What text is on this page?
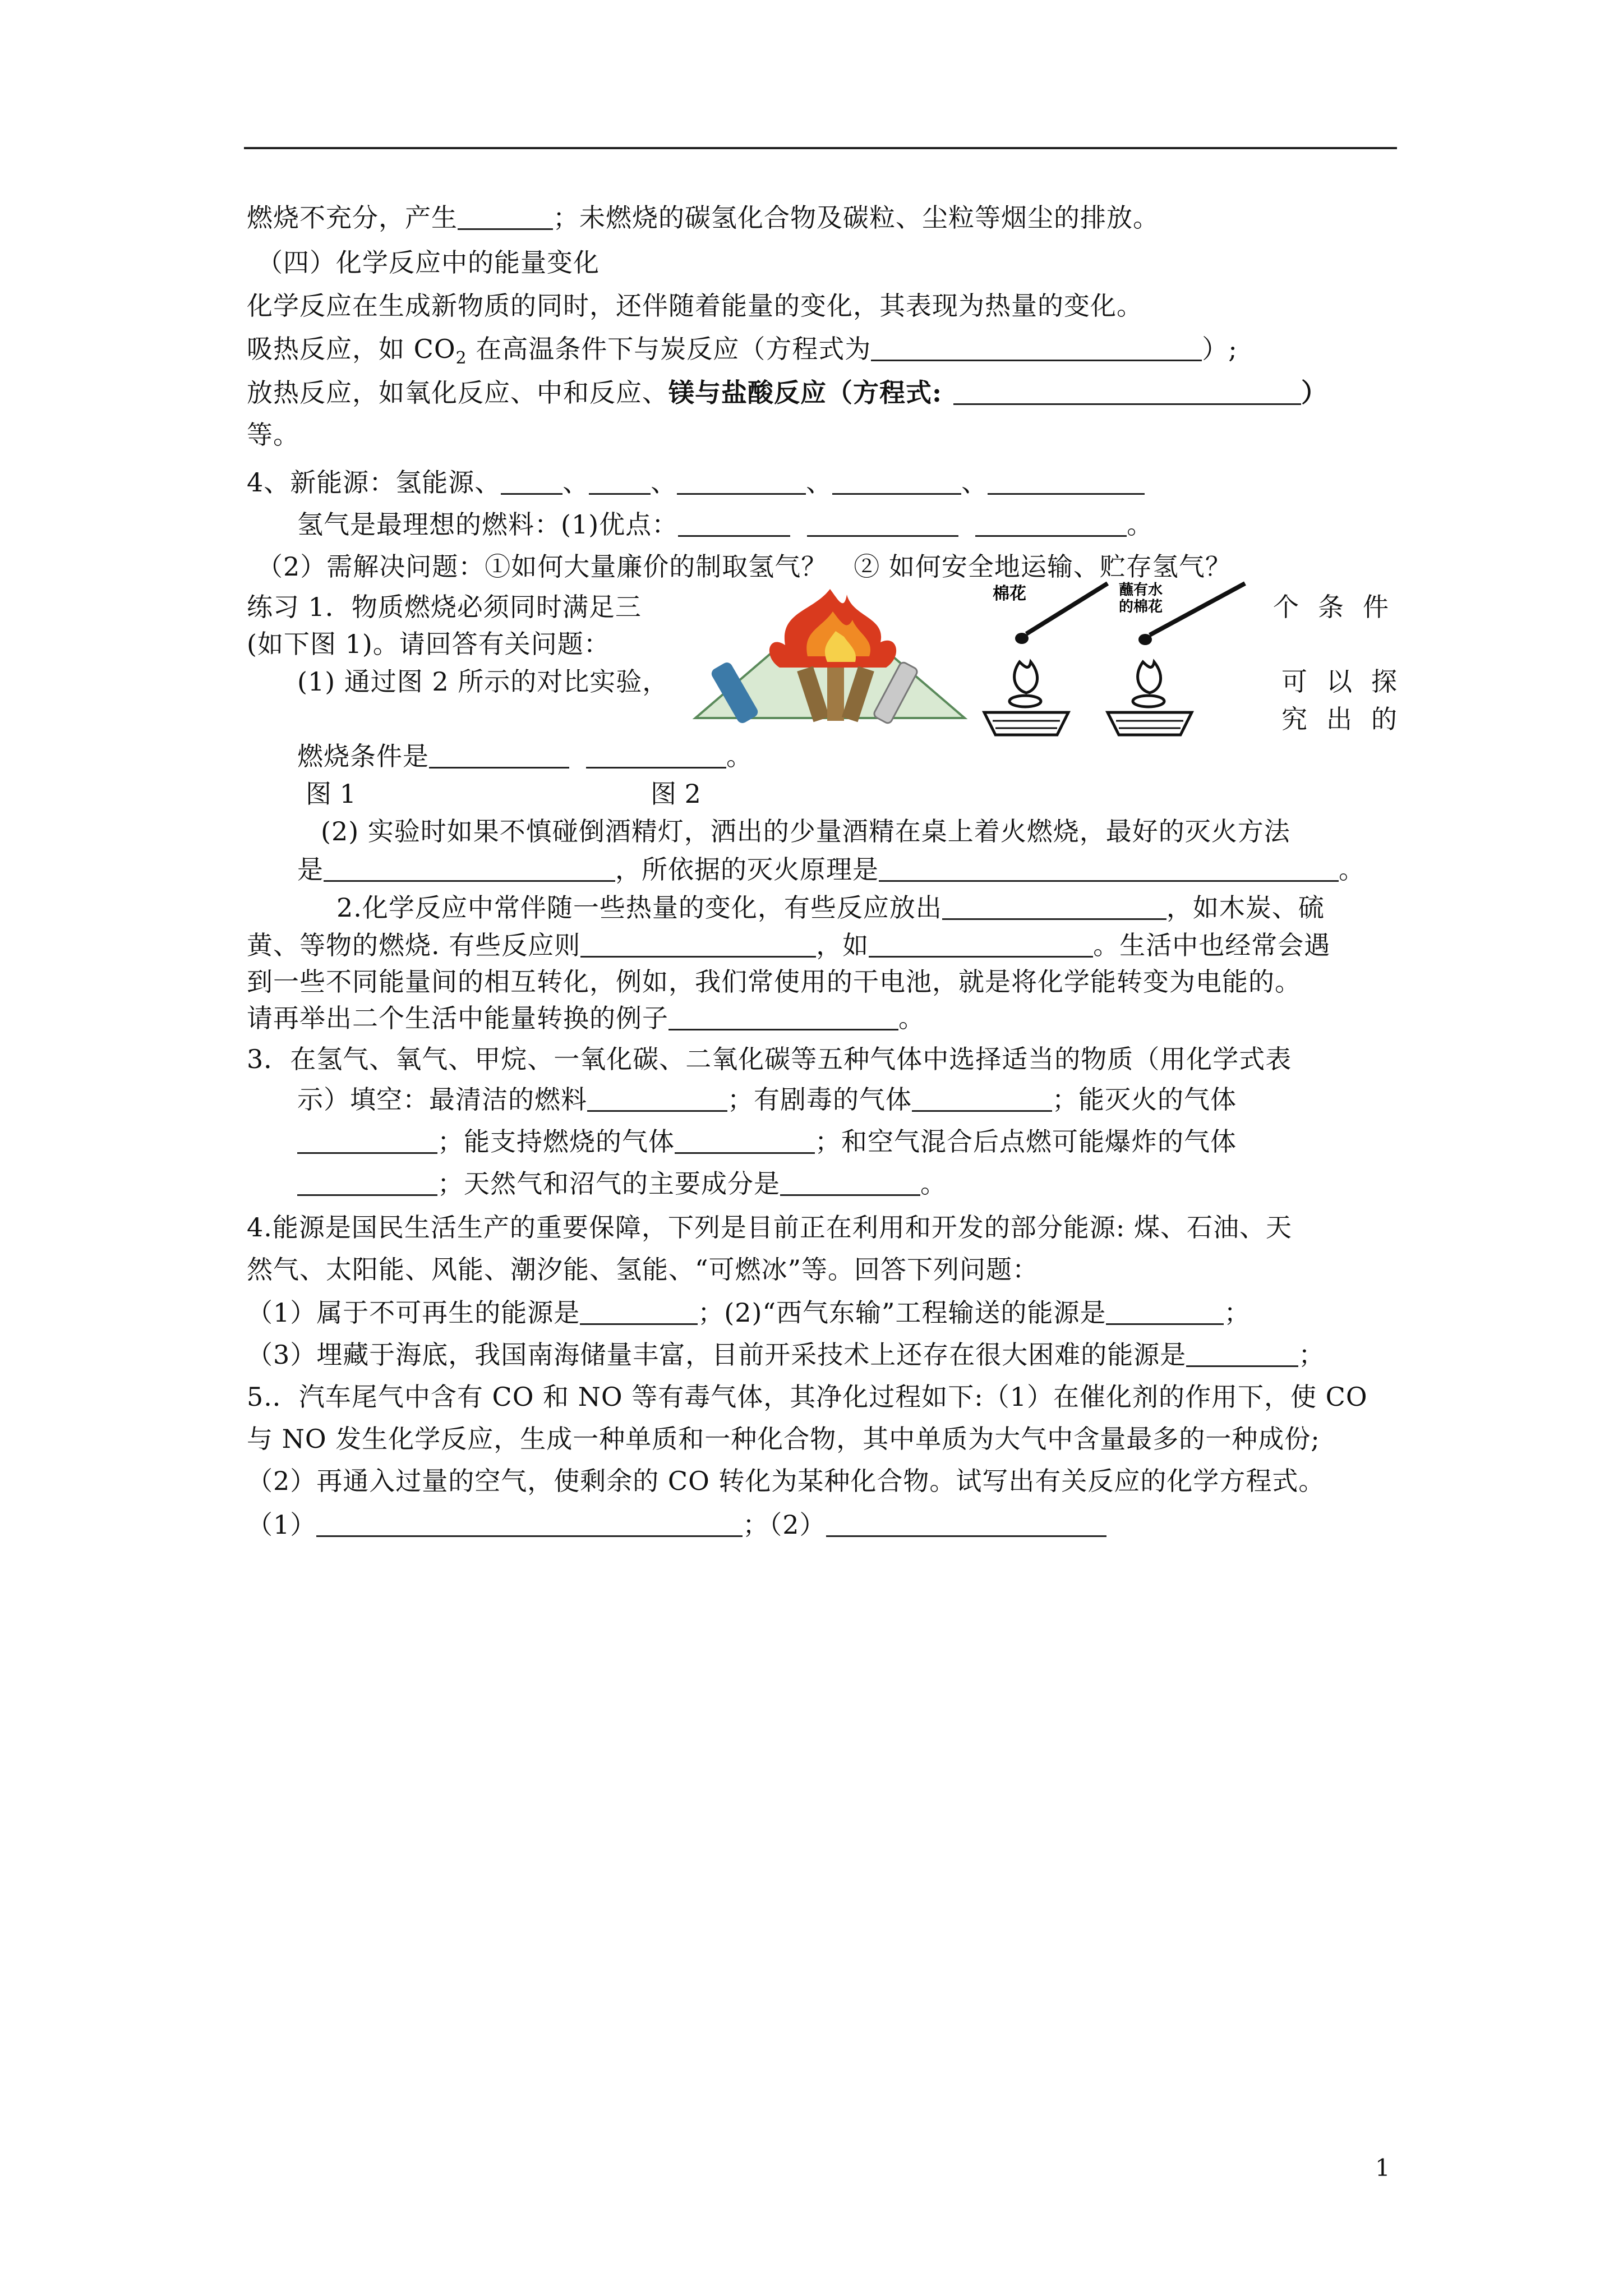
燃烧不充分，产生	；未燃烧的碳氢化合物及碳粒、尘粒等烟尘的排放。
（四）化学反应中的能量变化
化学反应在生成新物质的同时，还伴随着能量的变化，其表现为热量的变化。
吸热反应，如 $CO_2$ 在高温条件下与炭反应（方程式为	）;
放热反应，如氧化反应、中和反应、镁与盐酸反应（方程式:	）
等。
4、新能源：氢能源、 、 、	、	、
氢气是最理想的燃料：(1)优点：	。
（2）需解决问题：①如何大量廉价的制取氢气？　② 如何安全地运输、贮存氢气？
练习 1．物质燃烧必须同时满足三	个条件
(如下图 1)。请回答有关问题：
(1) 通过图 2 所示的对比实验，	可以探
究出的
棉花	蘸有水
的棉花
燃烧条件是	。
图 1	图 2
(2) 实验时如果不慎碰倒酒精灯，洒出的少量酒精在桌上着火燃烧，最好的灭火方法
是	，所依据的灭火原理是	。
2.化学反应中常伴随一些热量的变化，有些反应放出	，如木炭、硫
黄、等物的燃烧. 有些反应则	，如	。生活中也经常会遇
到一些不同能量间的相互转化，例如，我们常使用的干电池，就是将化学能转变为电能的。
请再举出二个生活中能量转换的例子	。
3．在氢气、氧气、甲烷、一氧化碳、二氧化碳等五种气体中选择适当的物质（用化学式表
示）填空：最清洁的燃料	；有剧毒的气体	；能灭火的气体
；能支持燃烧的气体	；和空气混合后点燃可能爆炸的气体
；天然气和沼气的主要成分是	。
4.能源是国民生活生产的重要保障，下列是目前正在利用和开发的部分能源: 煤、石油、天
然气、太阳能、风能、潮汐能、氢能、“可燃冰”等。回答下列问题：
（1）属于不可再生的能源是	；(2)“西气东输”工程输送的能源是	；
（3）埋藏于海底，我国南海储量丰富，目前开采技术上还存在很大困难的能源是	；
5.．汽车尾气中含有 CO 和 NO 等有毒气体，其净化过程如下:（1）在催化剂的作用下，使 CO
与 NO 发生化学反应，生成一种单质和一种化合物，其中单质为大气中含量最多的一种成份;
（2）再通入过量的空气，使剩余的 CO 转化为某种化合物。试写出有关反应的化学方程式。
（1）	；（2）
1
